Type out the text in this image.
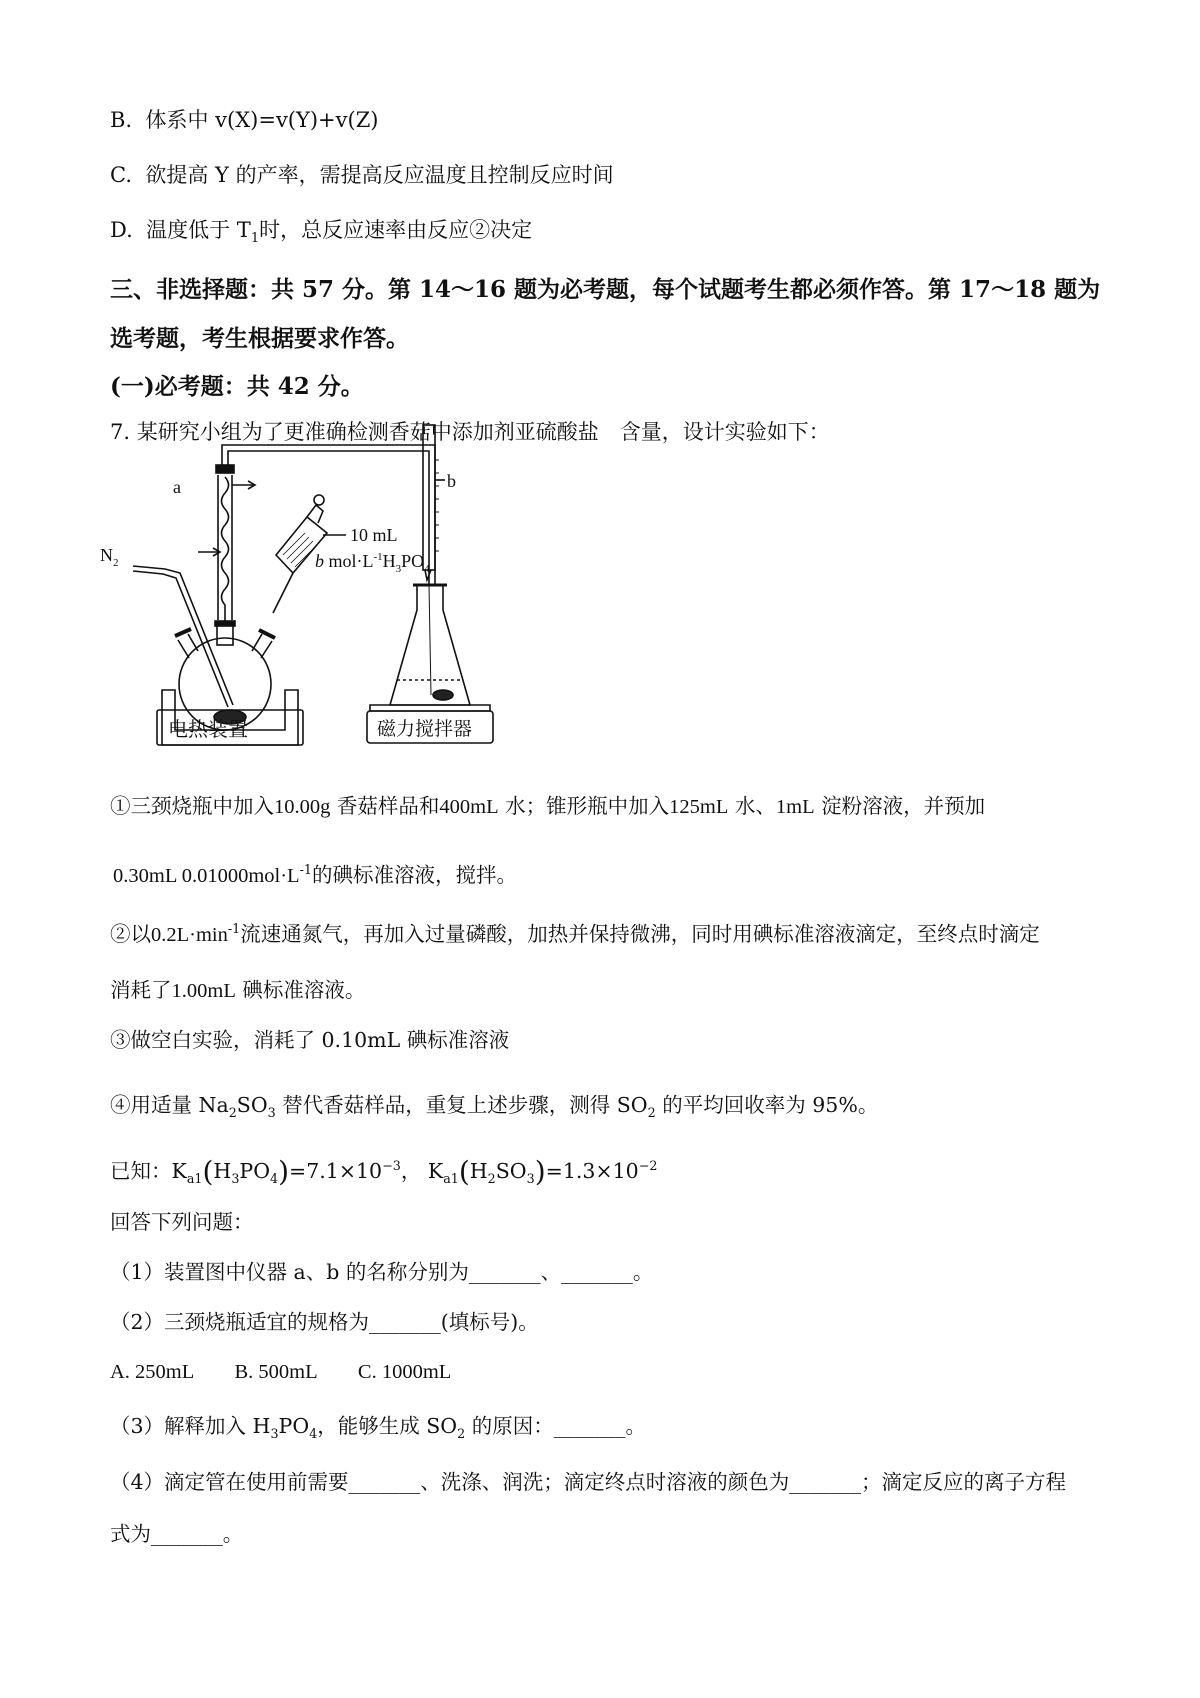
B. 体系中 v(X)=v(Y)+v(Z)
C. 欲提高 Y 的产率，需提高反应温度且控制反应时间
D. 温度低于 $T_1$时，总反应速率由反应②决定
三、非选择题：共 57 分。第 14～16 题为必考题，每个试题考生都必须作答。第 17～18 题为
选考题，考生根据要求作答。
(一)必考题：共 42 分。
7. 某研究小组为了更准确检测香菇中添加剂亚硫酸盐　含量，设计实验如下：
a	b
$N_2$
10 mL
b $mol\cdot L^{-1}H_3PO_4$
电热装置	磁力搅拌器
①三颈烧瓶中加入10.00g 香菇样品和400mL 水；锥形瓶中加入125mL 水、1mL 淀粉溶液，并预加
0.30mL $0.01000mol\cdot L^{-1}$的碘标准溶液，搅拌。
②以$0.2L\cdot\min^{-1}$流速通氮气，再加入过量磷酸，加热并保持微沸，同时用碘标准溶液滴定，至终点时滴定
消耗了1.00mL 碘标准溶液。
③做空白实验，消耗了 0.10mL 碘标准溶液
④用适量 $Na_2SO_3$ 替代香菇样品，重复上述步骤，测得 $SO_2$ 的平均回收率为 95%。
已知：$K_{a1}(H_3PO_4)=7.1\times 10^{-3}$， $K_{a1}(H_2SO_3)=1.3\times 10^{-2}$
回答下列问题：
（1）装置图中仪器 a、b 的名称分别为_______、_______。
（2）三颈烧瓶适宜的规格为_______(填标号)。
A. 250mL　　B. 500mL　　C. 1000mL
（3）解释加入 $H_3PO_4$，能够生成 $SO_2$ 的原因：_______。
（4）滴定管在使用前需要_______、洗涤、润洗；滴定终点时溶液的颜色为_______；滴定反应的离子方程
式为_______。
